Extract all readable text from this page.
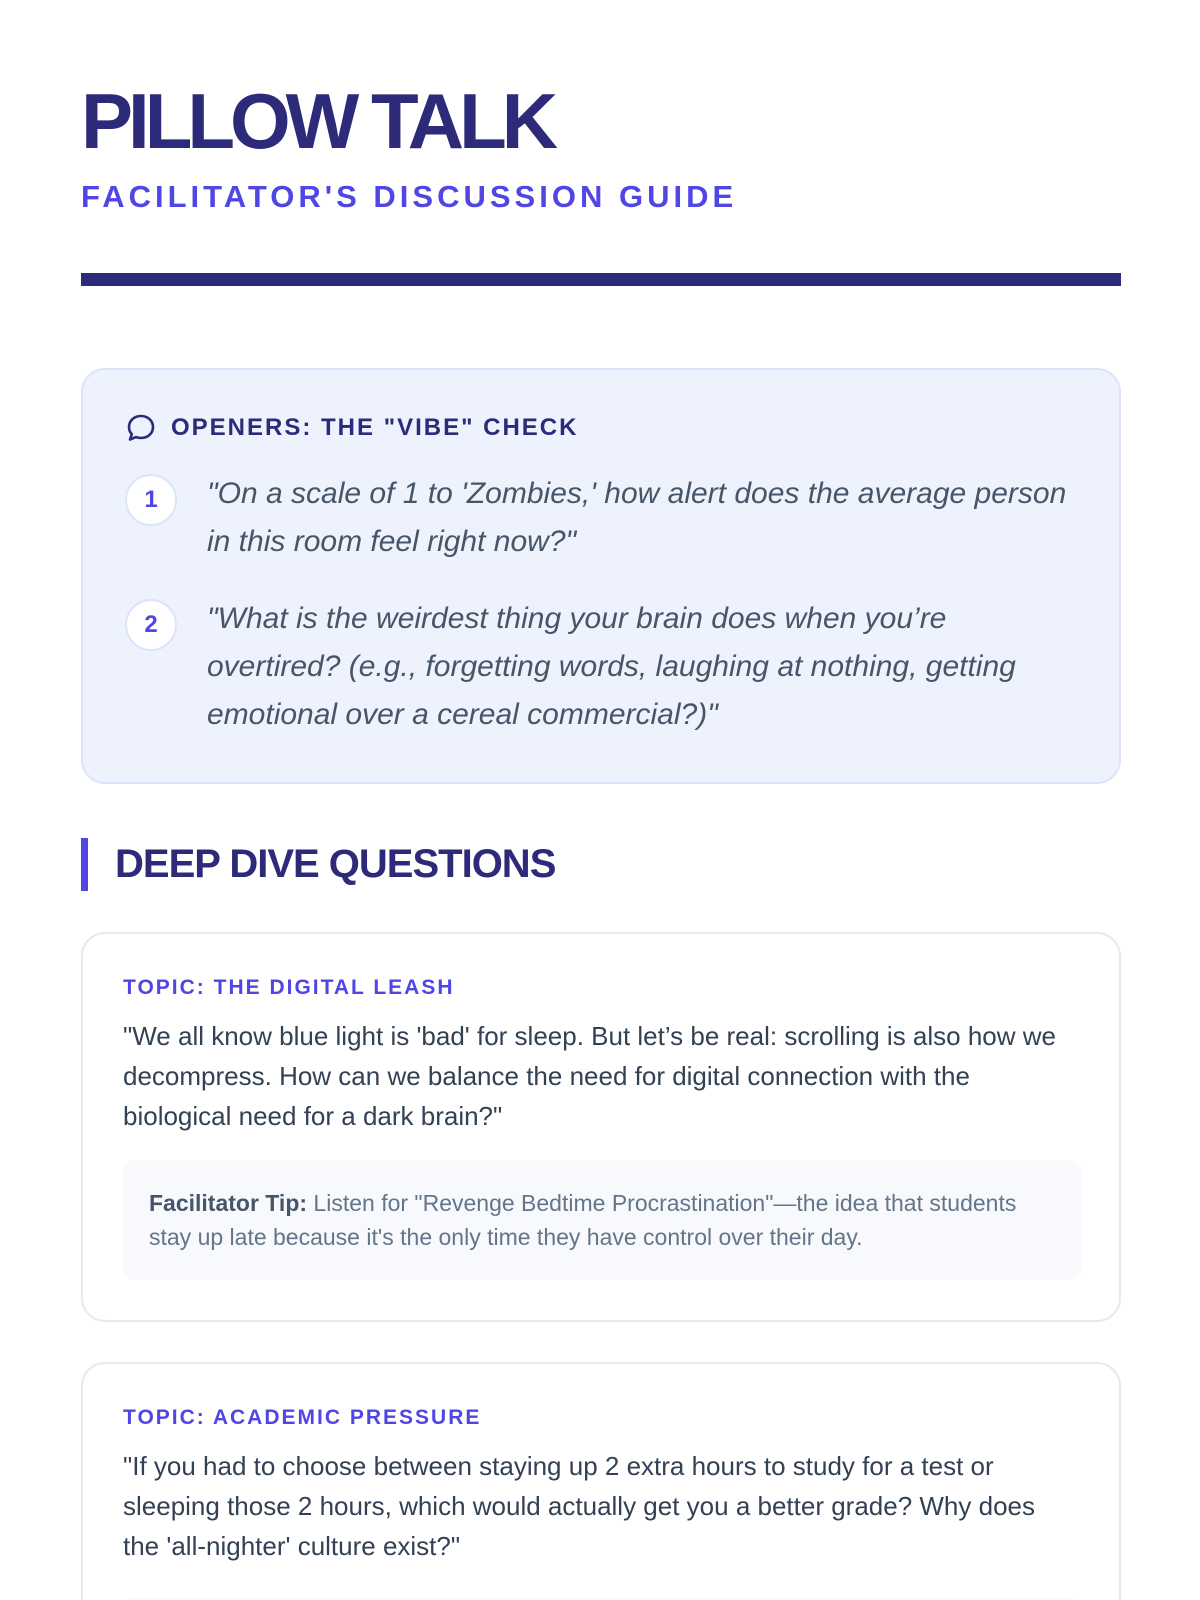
PILLOW TALK
FACILITATOR'S DISCUSSION GUIDE
OPENERS: THE "VIBE" CHECK
1	"On a scale of 1 to 'Zombies,' how alert does the average person in this room feel right now?"

2	"What is the weirdest thing your brain does when you’re overtired? (e.g., forgetting words, laughing at nothing, getting emotional over a cereal commercial?)"

DEEP DIVE QUESTIONS
TOPIC: THE DIGITAL LEASH

"We all know blue light is 'bad' for sleep. But let’s be real: scrolling is also how we decompress. How can we balance the need for digital connection with the biological need for a dark brain?"

Facilitator Tip: Listen for "Revenge Bedtime Procrastination"—the idea that students stay up late because it's the only time they have control over their day.
TOPIC: ACADEMIC PRESSURE

"If you had to choose between staying up 2 extra hours to study for a test or sleeping those 2 hours, which would actually get you a better grade? Why does the 'all-nighter' culture exist?"
